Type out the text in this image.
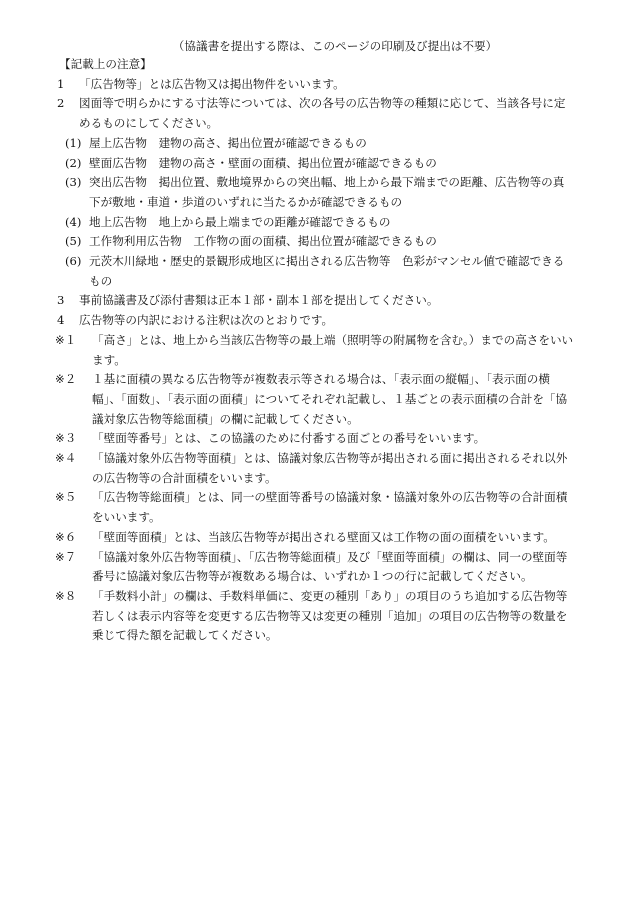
（協議書を提出する際は、このページの印刷及び提出は不要）
【記載上の注意】
1	「広告物等」とは広告物又は掲出物件をいいます。
2 図面等で明らかにする寸法等については、次の各号の広告物等の種類に応じて、当該各号に定めるものにしてください。
(1) 屋上広告物　建物の高さ、掲出位置が確認できるもの
(2) 壁面広告物　建物の高さ・壁面の面積、掲出位置が確認できるもの
(3) 突出広告物　掲出位置、敷地境界からの突出幅、地上から最下端までの距離、広告物等の真下が敷地・車道・歩道のいずれに当たるかが確認できるもの
(4) 地上広告物　地上から最上端までの距離が確認できるもの
(5) 工作物利用広告物　工作物の面の面積、掲出位置が確認できるもの
(6) 元茨木川緑地・歴史的景観形成地区に掲出される広告物等　色彩がマンセル値で確認できるもの
3	事前協議書及び添付書類は正本１部・副本１部を提出してください。
4	広告物等の内訳における注釈は次のとおりです。
※１ 「高さ」とは、地上から当該広告物等の最上端（照明等の附属物を含む。）までの高さをいいます。
※２ １基に面積の異なる広告物等が複数表示等される場合は、「表示面の縦幅」、「表示面の横幅」、「面数」、「表示面の面積」についてそれぞれ記載し、１基ごとの表示面積の合計を「協議対象広告物等総面積」の欄に記載してください。
※３ 「壁面等番号」とは、この協議のために付番する面ごとの番号をいいます。
※４ 「協議対象外広告物等面積」とは、協議対象広告物等が掲出される面に掲出されるそれ以外の広告物等の合計面積をいいます。
※５ 「広告物等総面積」とは、同一の壁面等番号の協議対象・協議対象外の広告物等の合計面積をいいます。
※６ 「壁面等面積」とは、当該広告物等が掲出される壁面又は工作物の面の面積をいいます。
※７ 「協議対象外広告物等面積」、「広告物等総面積」及び「壁面等面積」の欄は、同一の壁面等番号に協議対象広告物等が複数ある場合は、いずれか１つの行に記載してください。
※８ 「手数料小計」の欄は、手数料単価に、変更の種別「あり」の項目のうち追加する広告物等若しくは表示内容等を変更する広告物等又は変更の種別「追加」の項目の広告物等の数量を乗じて得た額を記載してください。
